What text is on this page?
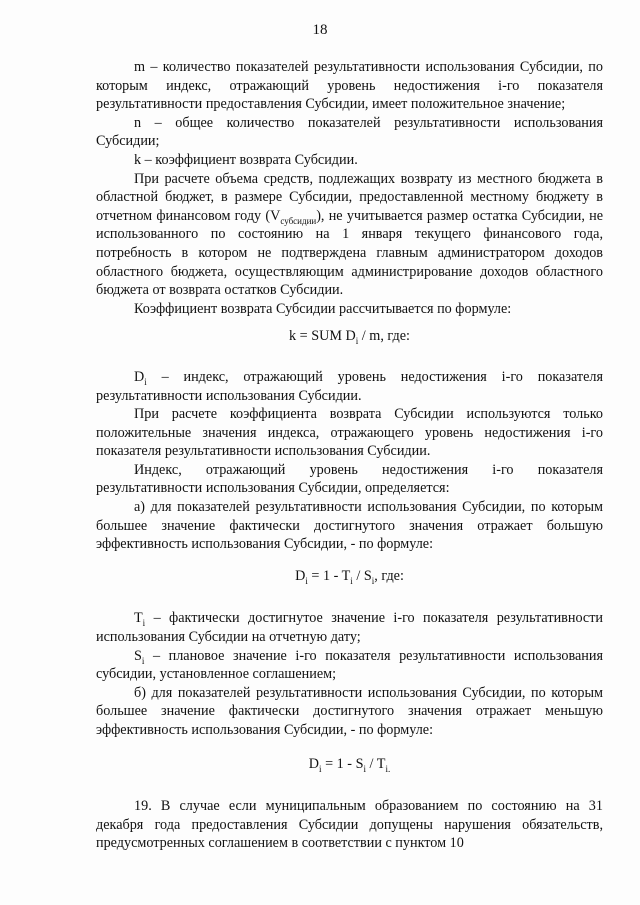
18

m – количество показателей результативности использования Субсидии, по которым индекс, отражающий уровень недостижения i-го показателя результативности предоставления Субсидии, имеет положительное значение;

n – общее количество показателей результативности использования Субсидии;

k – коэффициент возврата Субсидии.

При расчете объема средств, подлежащих возврату из местного бюджета в областной бюджет, в размере Субсидии, предоставленной местному бюджету в отчетном финансовом году $(V_{субсидии})$, не учитывается размер остатка Субсидии, не использованного по состоянию на 1 января текущего финансового года, потребность в котором не подтверждена главным администратором доходов областного бюджета, осуществляющим администрирование доходов областного бюджета от возврата остатков Субсидии.

Коэффициент возврата Субсидии рассчитывается по формуле:

k = SUM $D_i$ / m, где:

$D_i$ – индекс, отражающий уровень недостижения i-го показателя результативности использования Субсидии.

При расчете коэффициента возврата Субсидии используются только положительные значения индекса, отражающего уровень недостижения i-го показателя результативности использования Субсидии.

Индекс, отражающий уровень недостижения i-го показателя результативности использования Субсидии, определяется:

а) для показателей результативности использования Субсидии, по которым большее значение фактически достигнутого значения отражает большую эффективность использования Субсидии, - по формуле:

$D_i = 1 - T_i / S_i$, где:

$T_i$ – фактически достигнутое значение i-го показателя результативности использования Субсидии на отчетную дату;

$S_i$ – плановое значение i-го показателя результативности использования субсидии, установленное соглашением;

б) для показателей результативности использования Субсидии, по которым большее значение фактически достигнутого значения отражает меньшую эффективность использования Субсидии, - по формуле:

$D_i = 1 - S_i / T_{i.}$

19. В случае если муниципальным образованием по состоянию на 31 декабря года предоставления Субсидии допущены нарушения обязательств, предусмотренных соглашением в соответствии с пунктом 10
